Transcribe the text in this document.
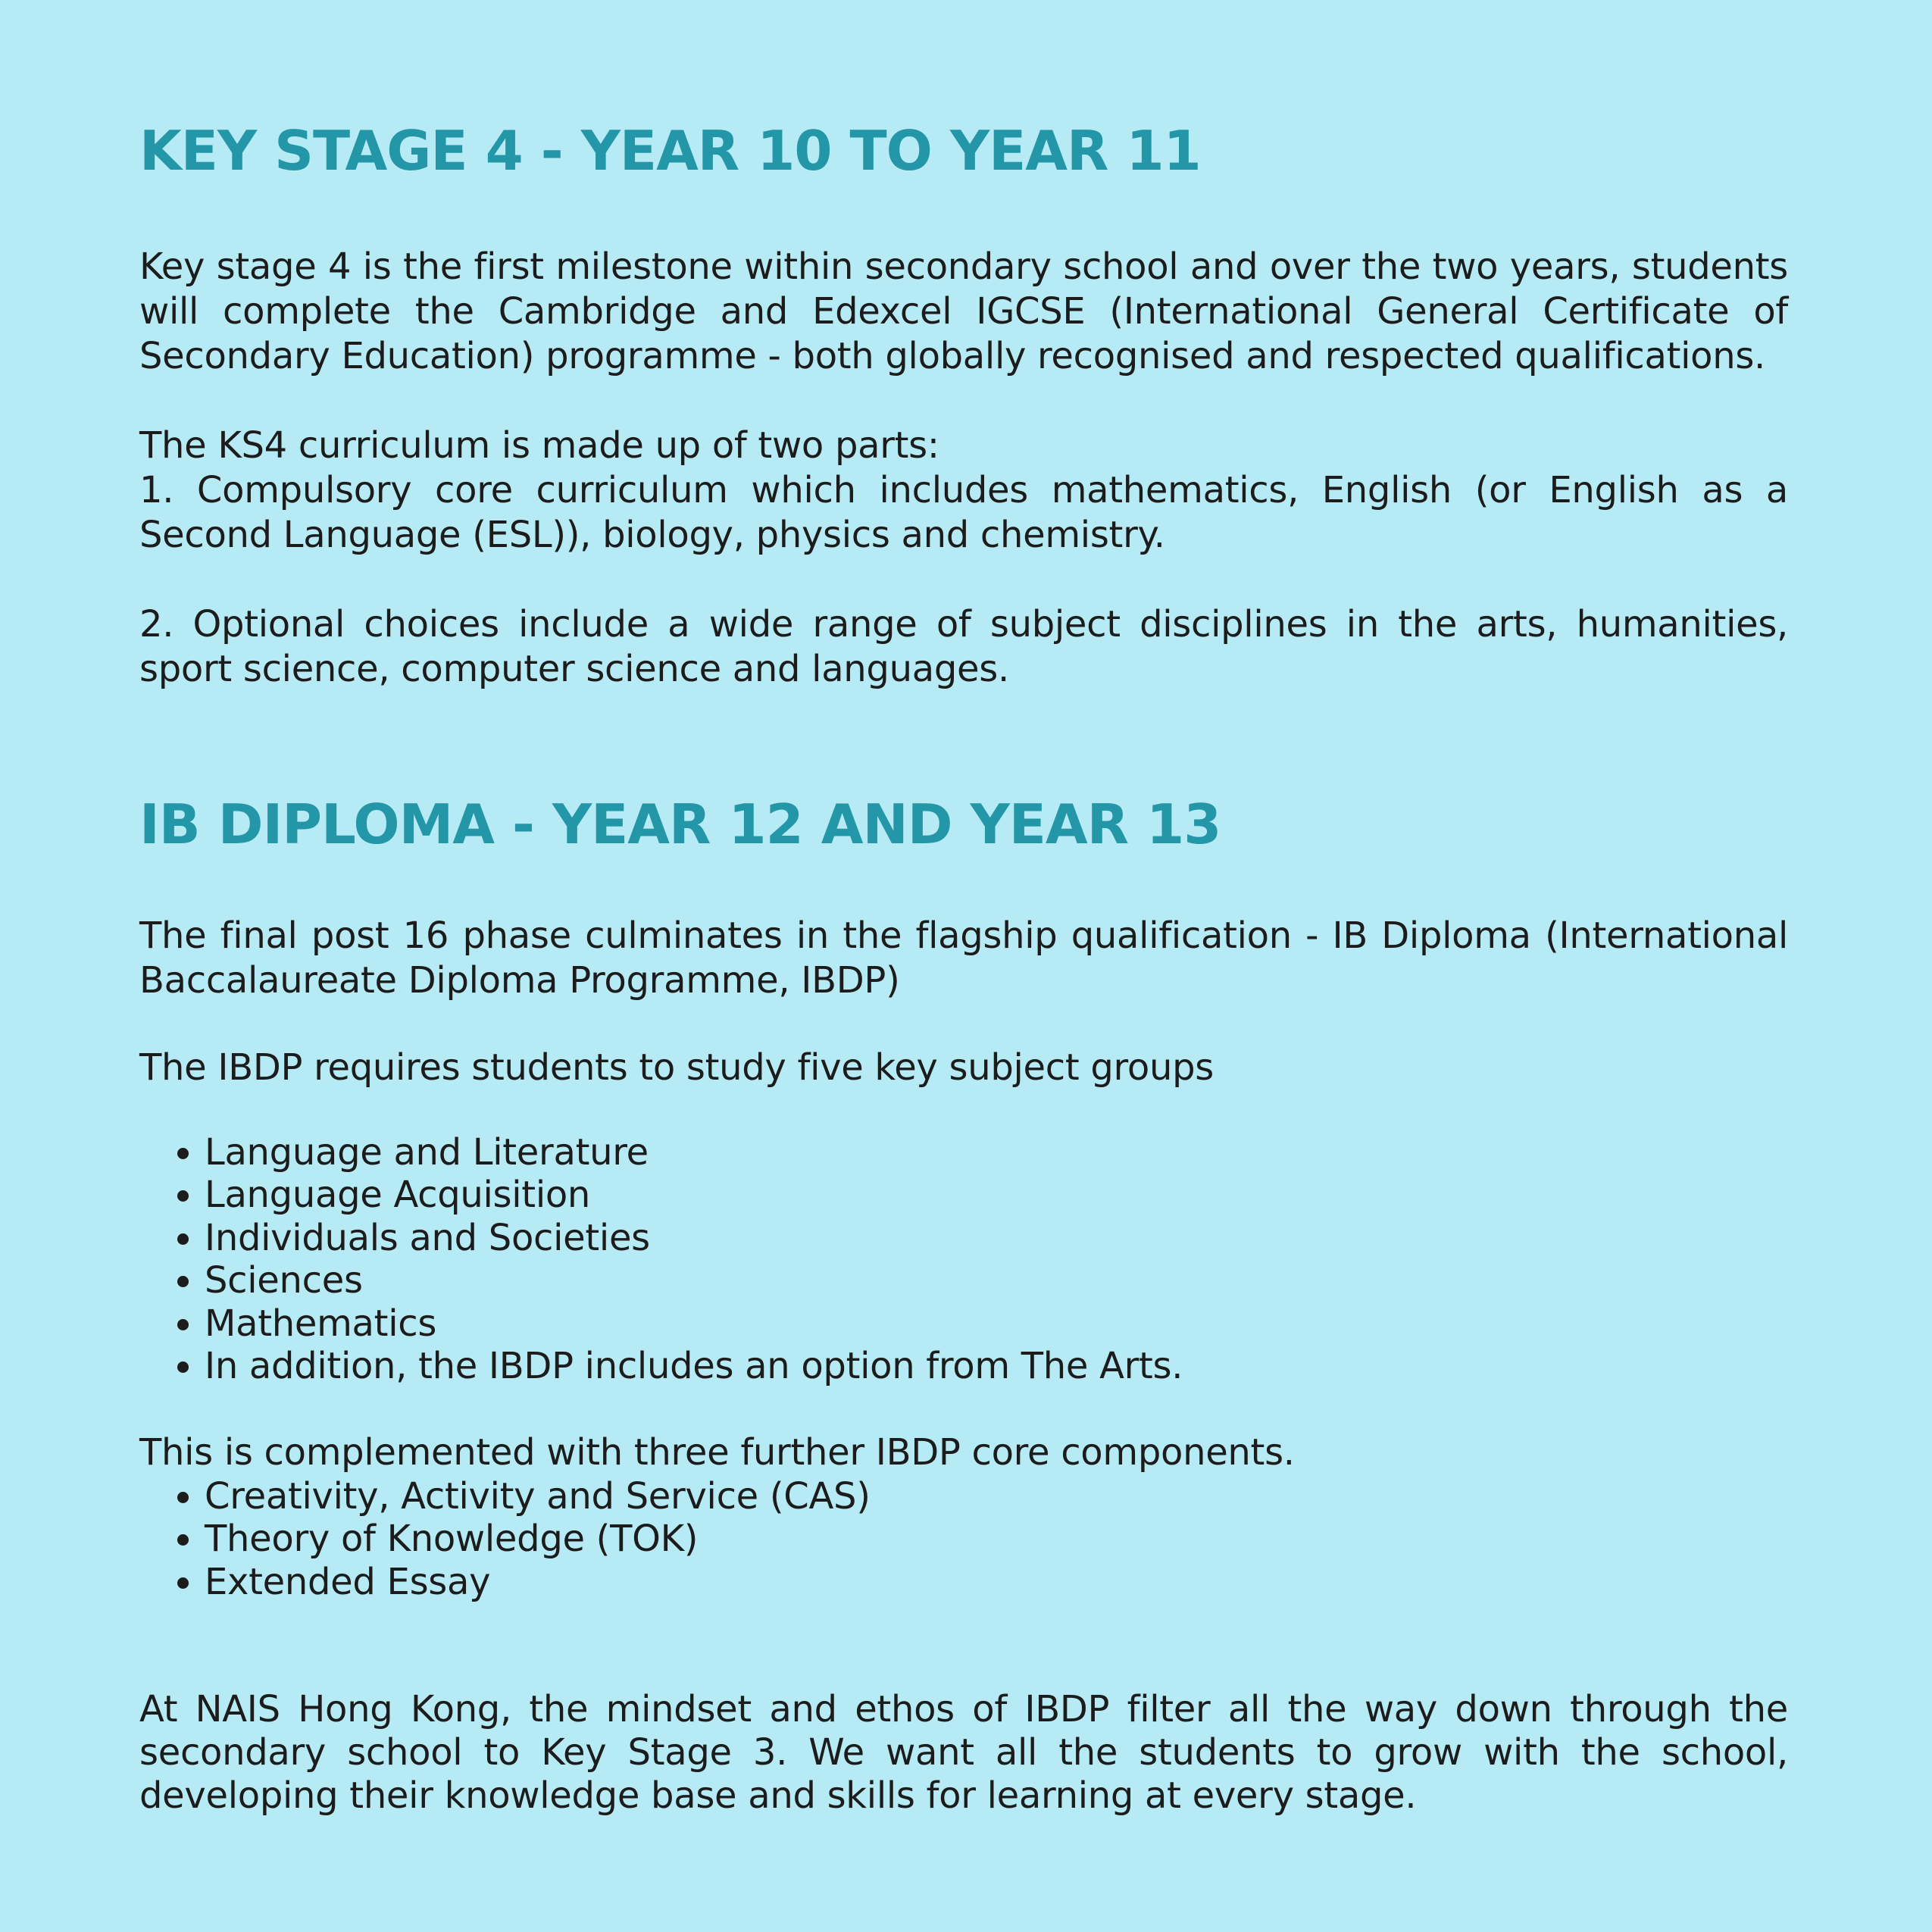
KEY STAGE 4 - YEAR 10 TO YEAR 11

Key stage 4 is the first milestone within secondary school and over the two years, students will complete the Cambridge and Edexcel IGCSE (International General Certificate of Secondary Education) programme - both globally recognised and respected qualifications.

The KS4 curriculum is made up of two parts:

1. Compulsory core curriculum which includes mathematics, English (or English as a Second Language (ESL)), biology, physics and chemistry.

2. Optional choices include a wide range of subject disciplines in the arts, humanities, sport science, computer science and languages.

IB DIPLOMA - YEAR 12 AND YEAR 13

The final post 16 phase culminates in the flagship qualification - IB Diploma (International Baccalaureate Diploma Programme, IBDP)

The IBDP requires students to study five key subject groups

• Language and Literature
• Language Acquisition
• Individuals and Societies
• Sciences
• Mathematics
• In addition, the IBDP includes an option from The Arts.

This is complemented with three further IBDP core components.

• Creativity, Activity and Service (CAS)
• Theory of Knowledge (TOK)
• Extended Essay

At NAIS Hong Kong, the mindset and ethos of IBDP filter all the way down through the secondary school to Key Stage 3. We want all the students to grow with the school, developing their knowledge base and skills for learning at every stage.
